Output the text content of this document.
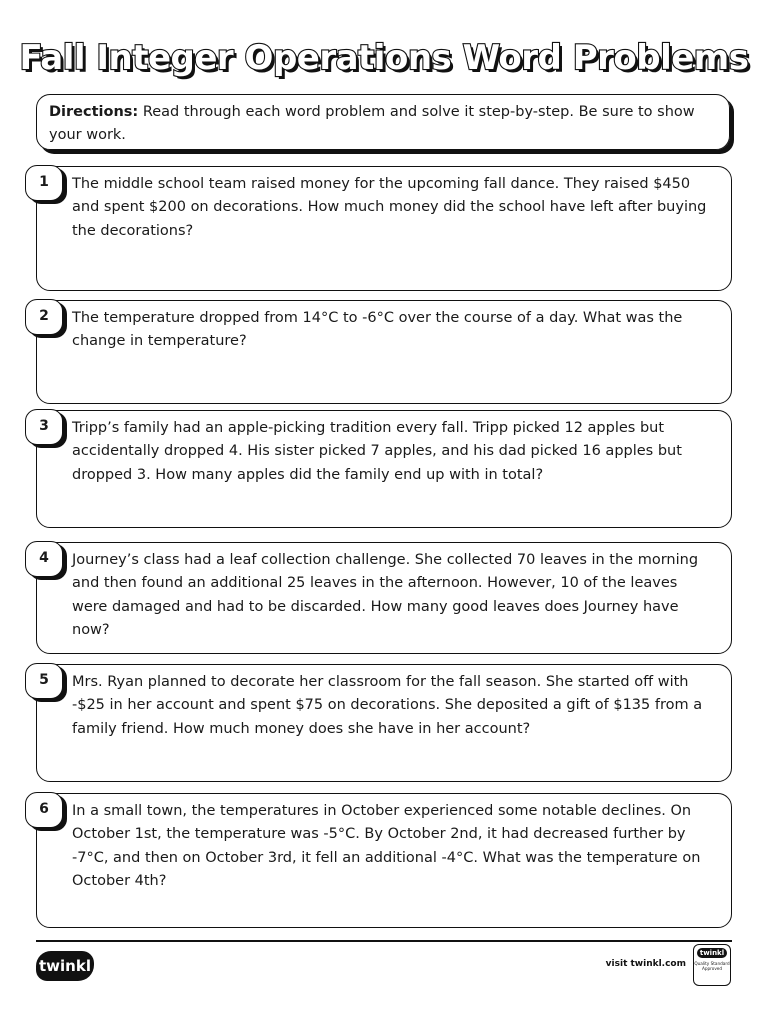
Fall Integer Operations Word Problems
Directions: Read through each word problem and solve it step-by-step. Be sure to show your work.
1	The middle school team raised money for the upcoming fall dance. They raised $450 and spent $200 on decorations. How much money did the school have left after buying the decorations?
2	The temperature dropped from 14°C to -6°C over the course of a day. What was the change in temperature?
3	Tripp’s family had an apple-picking tradition every fall. Tripp picked 12 apples but accidentally dropped 4. His sister picked 7 apples, and his dad picked 16 apples but dropped 3. How many apples did the family end up with in total?
4	Journey’s class had a leaf collection challenge. She collected 70 leaves in the morning and then found an additional 25 leaves in the afternoon. However, 10 of the leaves were damaged and had to be discarded. How many good leaves does Journey have now?
5	Mrs. Ryan planned to decorate her classroom for the fall season. She started off with -$25 in her account and spent $75 on decorations. She deposited a gift of $135 from a family friend. How much money does she have in her account?
6	In a small town, the temperatures in October experienced some notable declines. On October 1st, the temperature was -5°C. By October 2nd, it had decreased further by -7°C, and then on October 3rd, it fell an additional -4°C. What was the temperature on October 4th?
twinkl	visit twinkl.com
twinkl
Quality Standard Approved
